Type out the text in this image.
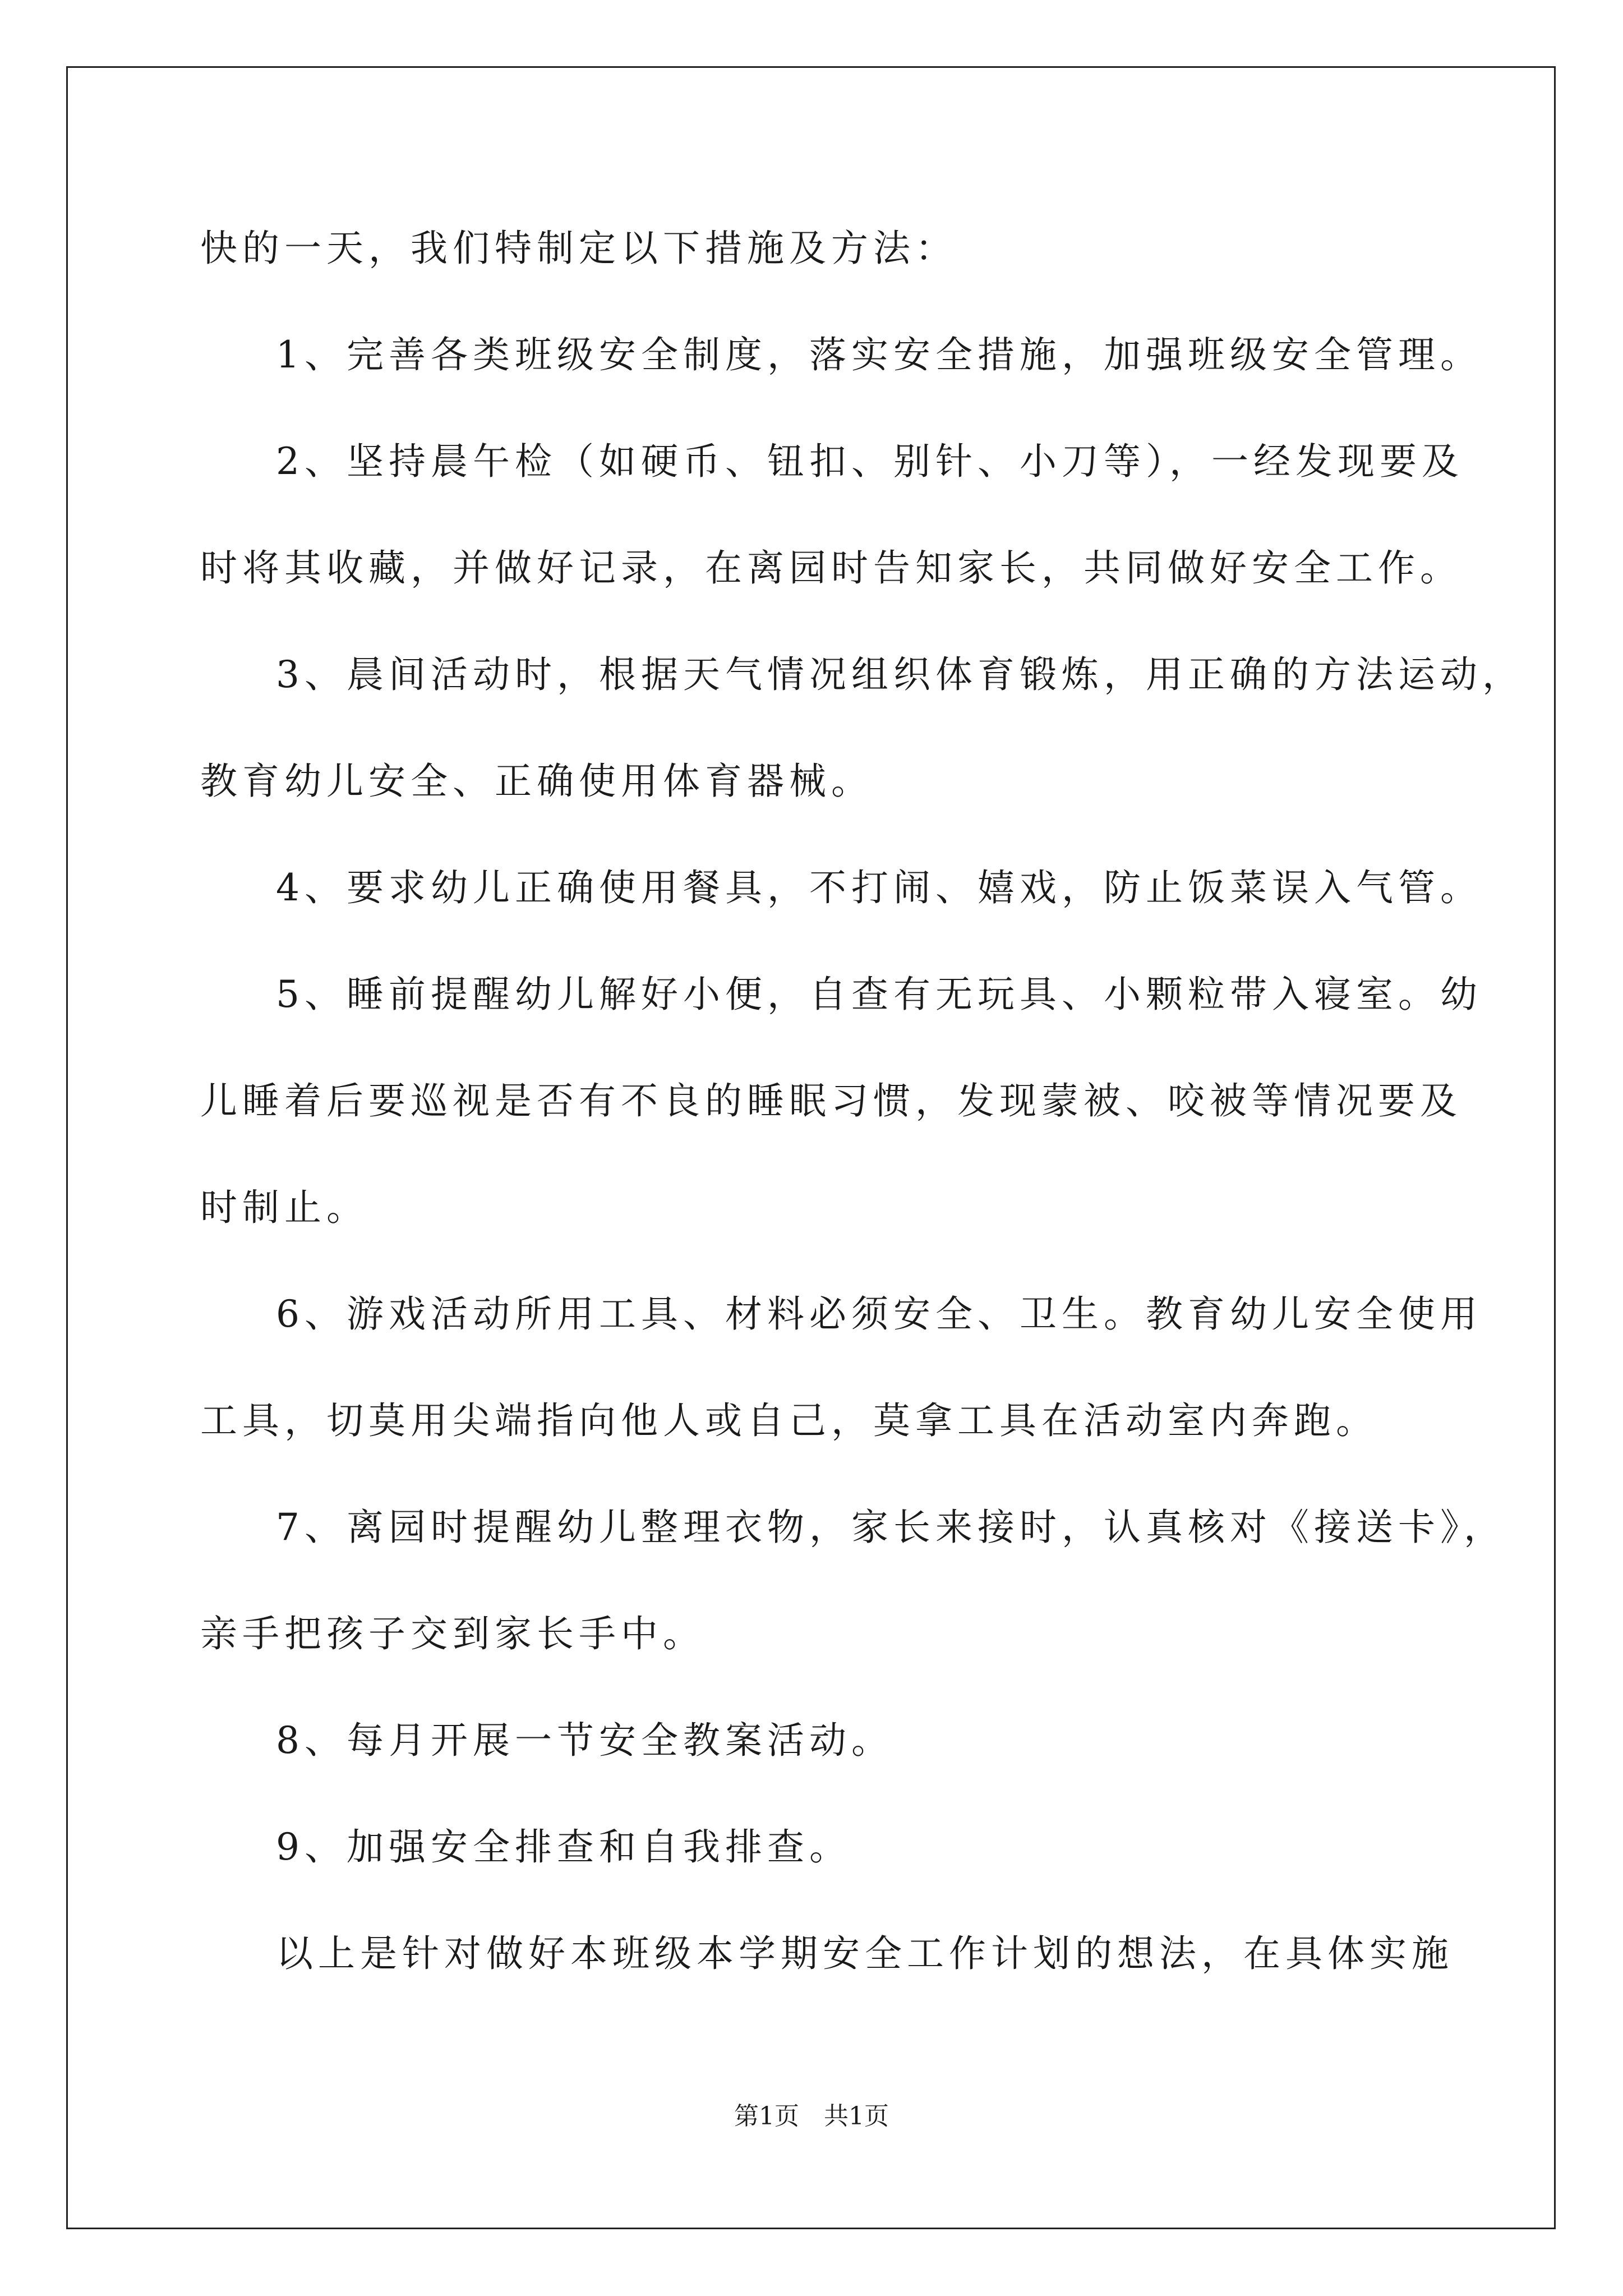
快的一天，我们特制定以下措施及方法：
1、完善各类班级安全制度，落实安全措施，加强班级安全管理。
2、坚持晨午检（如硬币、钮扣、别针、小刀等），一经发现要及
时将其收藏，并做好记录，在离园时告知家长，共同做好安全工作。
3、晨间活动时，根据天气情况组织体育锻炼，用正确的方法运动，
教育幼儿安全、正确使用体育器械。
4、要求幼儿正确使用餐具，不打闹、嬉戏，防止饭菜误入气管。
5、睡前提醒幼儿解好小便，自查有无玩具、小颗粒带入寝室。幼
儿睡着后要巡视是否有不良的睡眠习惯，发现蒙被、咬被等情况要及
时制止。
6、游戏活动所用工具、材料必须安全、卫生。教育幼儿安全使用
工具，切莫用尖端指向他人或自己，莫拿工具在活动室内奔跑。
7、离园时提醒幼儿整理衣物，家长来接时，认真核对《接送卡》，
亲手把孩子交到家长手中。
8、每月开展一节安全教案活动。
9、加强安全排查和自我排查。
以上是针对做好本班级本学期安全工作计划的想法，在具体实施
第1页　共1页
